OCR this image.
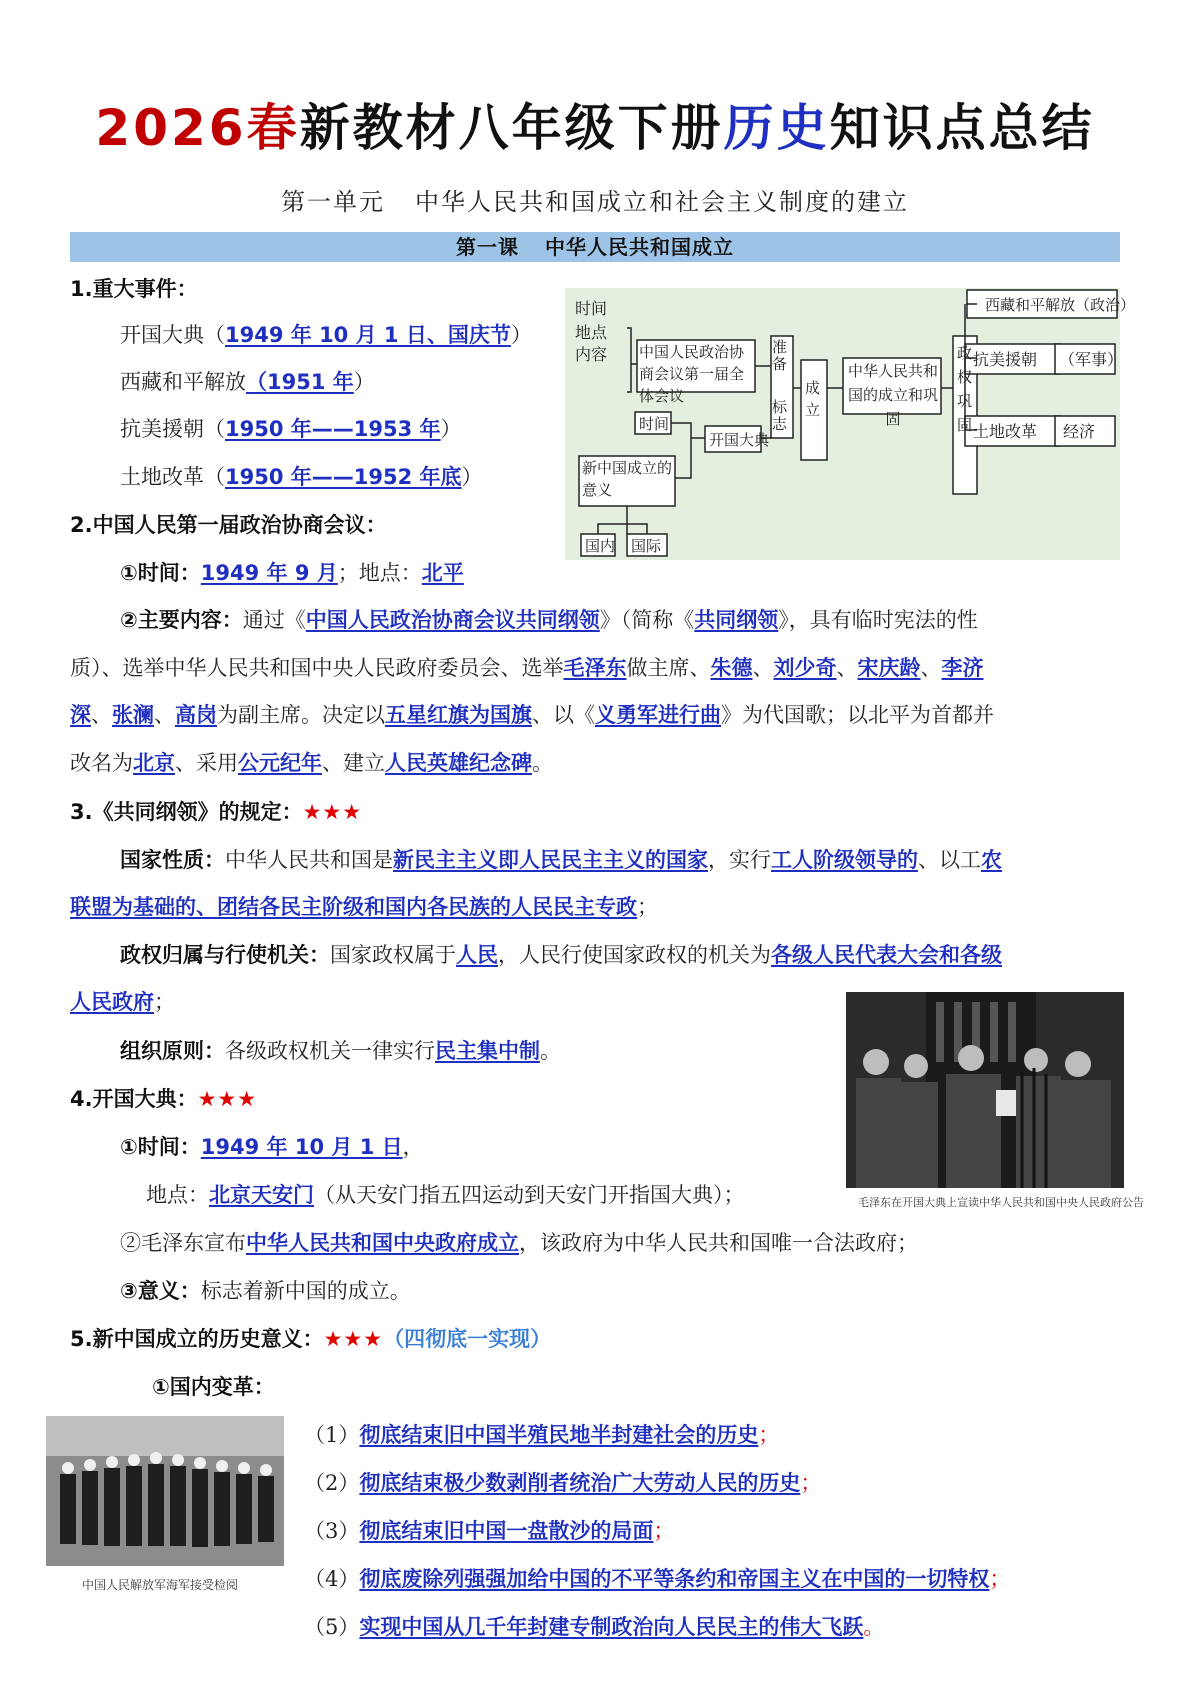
2026春新教材八年级下册历史知识点总结
第一单元 中华人民共和国成立和社会主义制度的建立
第一课 中华人民共和国成立
时间
地点
内容
西藏和平解放（政治）
抗美援朝 （军事）
土地改革 经济
时间
开国大典
国内 国际
中国人民政治协商会议第一届全体会议
准备
标志
成立
中华人民共和国的成立和巩固
政权巩固
新中国成立的意义
1.重大事件：
开国大典（1949 年 10 月 1 日、国庆节）
西藏和平解放（1951 年）
抗美援朝（1950 年——1953 年）
土地改革（1950 年——1952 年底）
2.中国人民第一届政治协商会议：
①时间：1949 年 9 月；地点：北平
②主要内容：通过《中国人民政治协商会议共同纲领》（简称《共同纲领》，具有临时宪法的性
质）、选举中华人民共和国中央人民政府委员会、选举毛泽东做主席、朱德、刘少奇、宋庆龄、李济
深、张澜、高岗为副主席。决定以五星红旗为国旗、以《义勇军进行曲》为代国歌；以北平为首都并
改名为北京、采用公元纪年、建立人民英雄纪念碑。
3.《共同纲领》的规定：★★★
国家性质：中华人民共和国是新民主主义即人民民主主义的国家，实行工人阶级领导的、以工农
联盟为基础的、团结各民主阶级和国内各民族的人民民主专政；
政权归属与行使机关：国家政权属于人民，人民行使国家政权的机关为各级人民代表大会和各级
人民政府；
组织原则：各级政权机关一律实行民主集中制。
毛泽东在开国大典上宣读中华人民共和国中央人民政府公告
4.开国大典：★★★
①时间：1949 年 10 月 1 日，
地点：北京天安门（从天安门指五四运动到天安门开指国大典）；
②毛泽东宣布中华人民共和国中央政府成立，该政府为中华人民共和国唯一合法政府；
③意义：标志着新中国的成立。
5.新中国成立的历史意义：★★★（四彻底一实现）
①国内变革：
中国人民解放军海军接受检阅
（1）彻底结束旧中国半殖民地半封建社会的历史；
（2）彻底结束极少数剥削者统治广大劳动人民的历史；
（3）彻底结束旧中国一盘散沙的局面；
（4）彻底废除列强强加给中国的不平等条约和帝国主义在中国的一切特权；
（5）实现中国从几千年封建专制政治向人民民主的伟大飞跃。
